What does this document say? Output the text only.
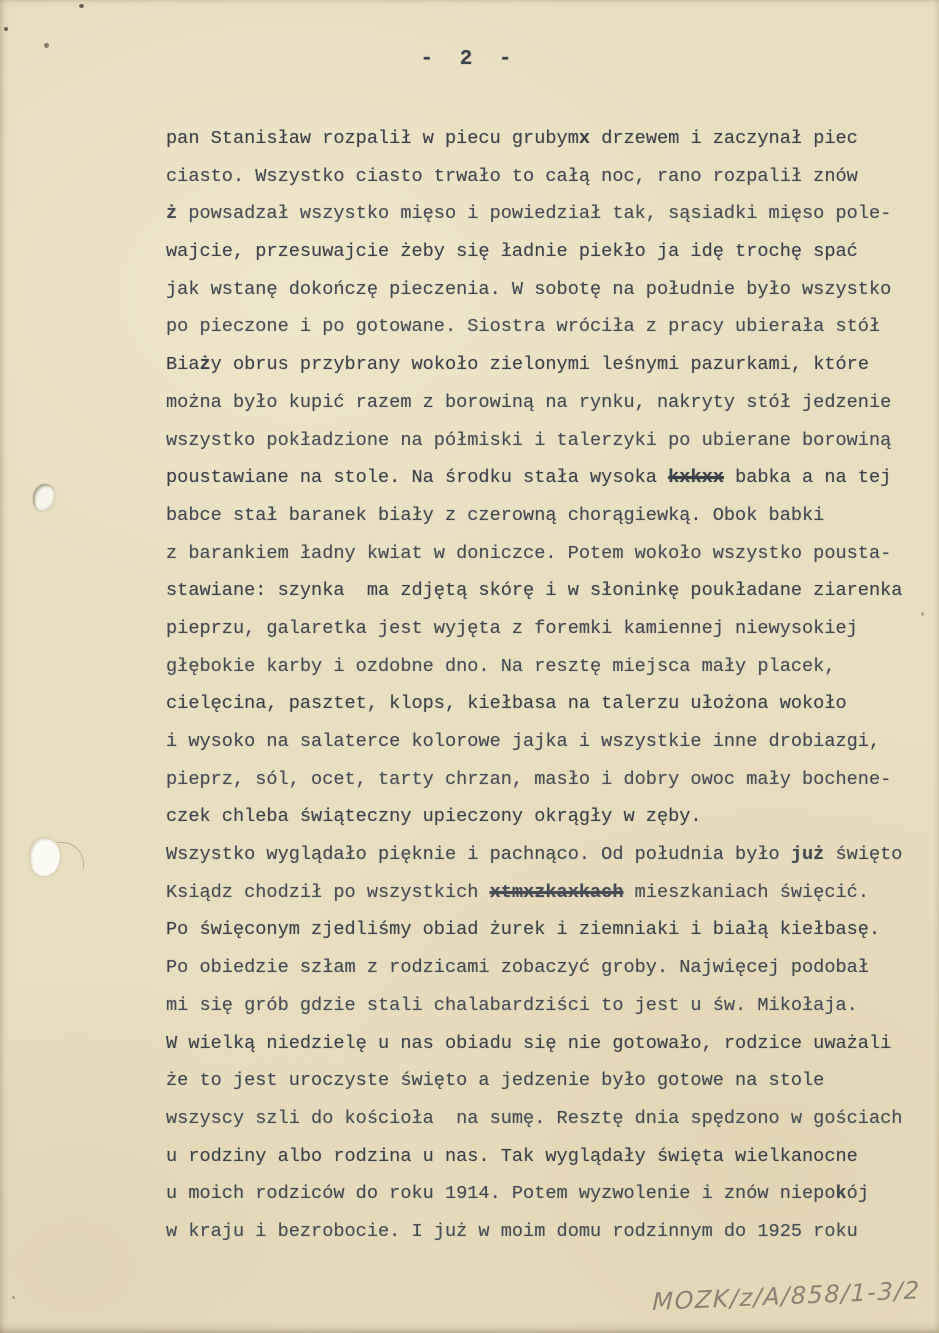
- 2 -
pan Stanisław rozpalił w piecu grubymx drzewem i zaczynał piec
ciasto. Wszystko ciasto trwało to całą noc, rano rozpalił znów
ż powsadzał wszystko mięso i powiedział tak, sąsiadki mięso pole-
wajcie, przesuwajcie żeby się ładnie piekło ja idę trochę spać
jak wstanę dokończę pieczenia. W sobotę na południe było wszystko
po pieczone i po gotowane. Siostra wróciła z pracy ubierała stół
Biaży obrus przybrany wokoło zielonymi leśnymi pazurkami, które
można było kupić razem z borowiną na rynku, nakryty stół jedzenie
wszystko pokładzione na półmiski i talerzyki po ubierane borowiną
poustawiane na stole. Na środku stała wysoka kxkxx babka a na tej
babce stał baranek biały z czerowną chorągiewką. Obok babki
z barankiem ładny kwiat w doniczce. Potem wokoło wszystko pousta-
stawiane: szynka  ma zdjętą skórę i w słoninkę poukładane ziarenka
pieprzu, galaretka jest wyjęta z foremki kamiennej niewysokiej
głębokie karby i ozdobne dno. Na resztę miejsca mały placek,
cielęcina, pasztet, klops, kiełbasa na talerzu ułożona wokoło
i wysoko na salaterce kolorowe jajka i wszystkie inne drobiazgi,
pieprz, sól, ocet, tarty chrzan, masło i dobry owoc mały bochene-
czek chleba świąteczny upieczony okrągły w zęby.
Wszystko wyglądało pięknie i pachnąco. Od południa było już święto
Ksiądz chodził po wszystkich xtmxzkaxkach mieszkaniach święcić.
Po święconym zjedliśmy obiad żurek i ziemniaki i białą kiełbasę.
Po obiedzie szłam z rodzicami zobaczyć groby. Najwięcej podobał
mi się grób gdzie stali chalabardziści to jest u św. Mikołaja.
W wielką niedzielę u nas obiadu się nie gotowało, rodzice uważali
że to jest uroczyste święto a jedzenie było gotowe na stole
wszyscy szli do kościoła  na sumę. Resztę dnia spędzono w gościach
u rodziny albo rodzina u nas. Tak wyglądały święta wielkanocne
u moich rodziców do roku 1914. Potem wyzwolenie i znów niepokój
w kraju i bezrobocie. I już w moim domu rodzinnym do 1925 roku
MOZK/z/A/858/1-3/2
